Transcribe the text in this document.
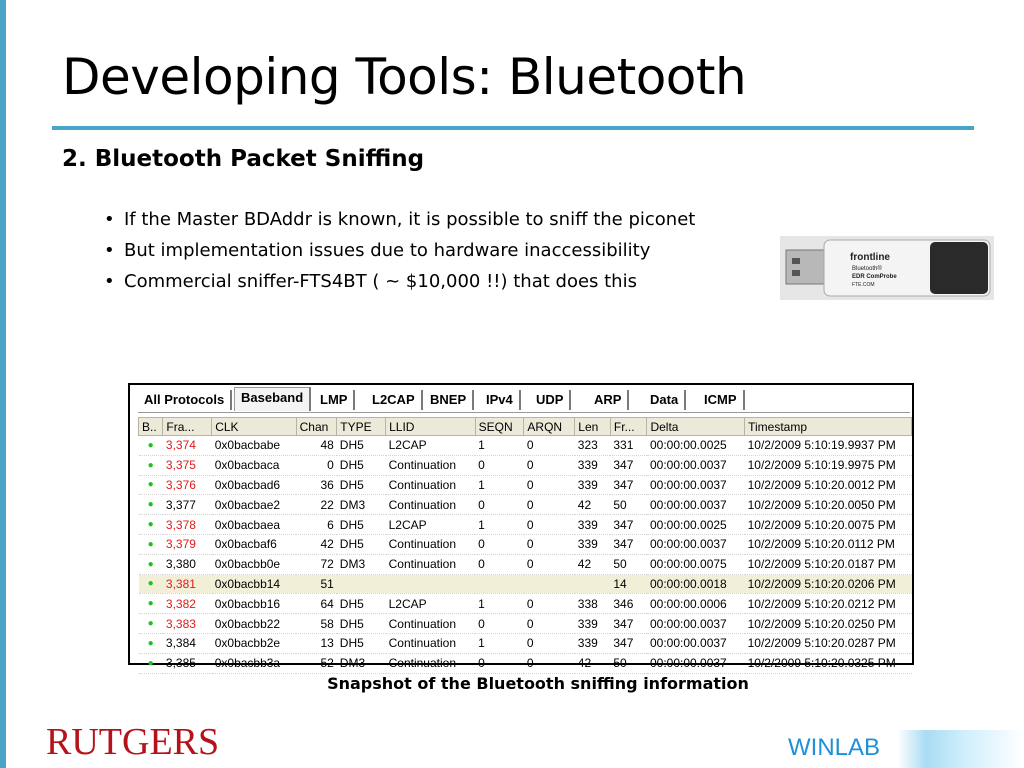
Developing Tools: Bluetooth
2. Bluetooth Packet Sniffing
• If the Master BDAddr is known, it is possible to sniff the piconet
• But implementation issues due to hardware inaccessibility
• Commercial sniffer-FTS4BT ( ~ $10,000 !!) that does this
frontline
Bluetooth®
EDR ComProbe
FTE.COM
All Protocols	Baseband	LMP	L2CAP	BNEP	IPv4	UDP	ARP	Data	ICMP
B..	Fra...	CLK	Chan	TYPE	LLID	SEQN	ARQN	Len	Fr...	Delta	Timestamp
●	3,374	0x0bacbabe	48	DH5	L2CAP	1	0	323	331	00:00:00.0025	10/2/2009 5:10:19.9937 PM
●	3,375	0x0bacbaca	0	DH5	Continuation	0	0	339	347	00:00:00.0037	10/2/2009 5:10:19.9975 PM
●	3,376	0x0bacbad6	36	DH5	Continuation	1	0	339	347	00:00:00.0037	10/2/2009 5:10:20.0012 PM
●	3,377	0x0bacbae2	22	DM3	Continuation	0	0	42	50	00:00:00.0037	10/2/2009 5:10:20.0050 PM
●	3,378	0x0bacbaea	6	DH5	L2CAP	1	0	339	347	00:00:00.0025	10/2/2009 5:10:20.0075 PM
●	3,379	0x0bacbaf6	42	DH5	Continuation	0	0	339	347	00:00:00.0037	10/2/2009 5:10:20.0112 PM
●	3,380	0x0bacbb0e	72	DM3	Continuation	0	0	42	50	00:00:00.0075	10/2/2009 5:10:20.0187 PM
●	3,381	0x0bacbb14	51						14	00:00:00.0018	10/2/2009 5:10:20.0206 PM
●	3,382	0x0bacbb16	64	DH5	L2CAP	1	0	338	346	00:00:00.0006	10/2/2009 5:10:20.0212 PM
●	3,383	0x0bacbb22	58	DH5	Continuation	0	0	339	347	00:00:00.0037	10/2/2009 5:10:20.0250 PM
●	3,384	0x0bacbb2e	13	DH5	Continuation	1	0	339	347	00:00:00.0037	10/2/2009 5:10:20.0287 PM
●	3,385	0x0bacbb3a	52	DM3	Continuation	0	0	42	50	00:00:00.0037	10/2/2009 5:10:20.0325 PM
Snapshot of the Bluetooth sniffing information
RUTGERS	WINLAB
